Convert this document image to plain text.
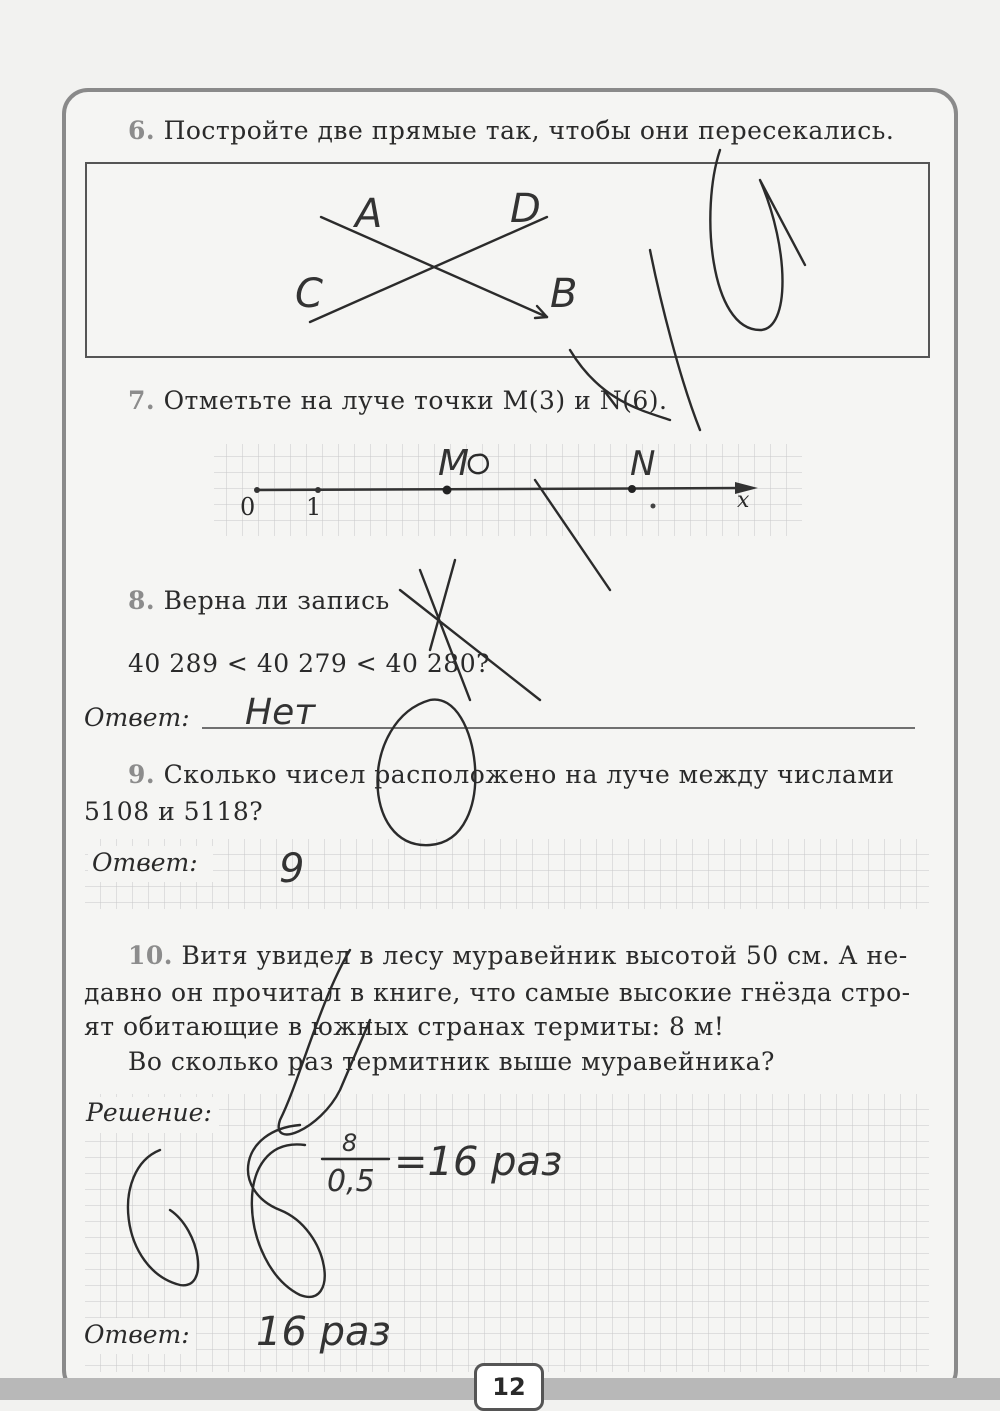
6. Постройте две прямые так, чтобы они пересекались.
A	D
C	B
7. Отметьте на луче точки M(3) и N(6).
0 1	x
M	N
8. Верна ли запись
40 289 < 40 279 < 40 280?
Ответ: Нет
9. Сколько чисел расположено на луче между числами
5108 и 5118?
9
Ответ:
10. Витя увидел в лесу муравейник высотой 50 см. А не-
давно он прочитал в книге, что самые высокие гнёзда стро-
ят обитающие в южных странах термиты: 8 м!
Во сколько раз термитник выше муравейника?
8
0,5 =16 раз
16 раз
Решение:
Ответ:
12
